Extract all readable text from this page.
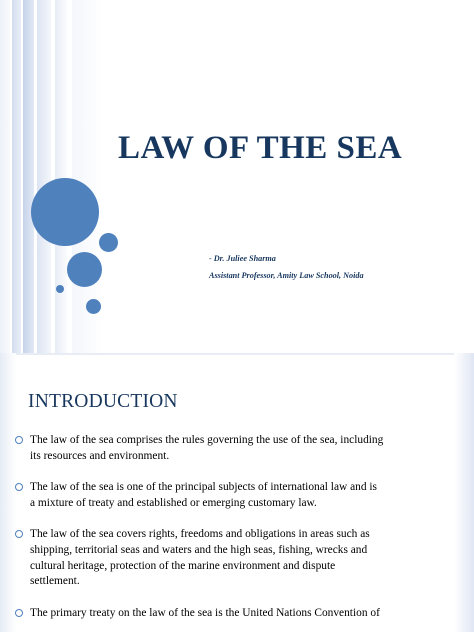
LAW OF THE SEA
- Dr. Juliee Sharma
Assistant Professor, Amity Law School, Noida
INTRODUCTION
The law of the sea comprises the rules governing the use of the sea, including
its resources and environment.
The law of the sea is one of the principal subjects of international law and is
a mixture of treaty and established or emerging customary law.
The law of the sea covers rights, freedoms and obligations in areas such as
shipping, territorial seas and waters and the high seas, fishing, wrecks and
cultural heritage, protection of the marine environment and dispute
settlement.
The primary treaty on the law of the sea is the United Nations Convention of
